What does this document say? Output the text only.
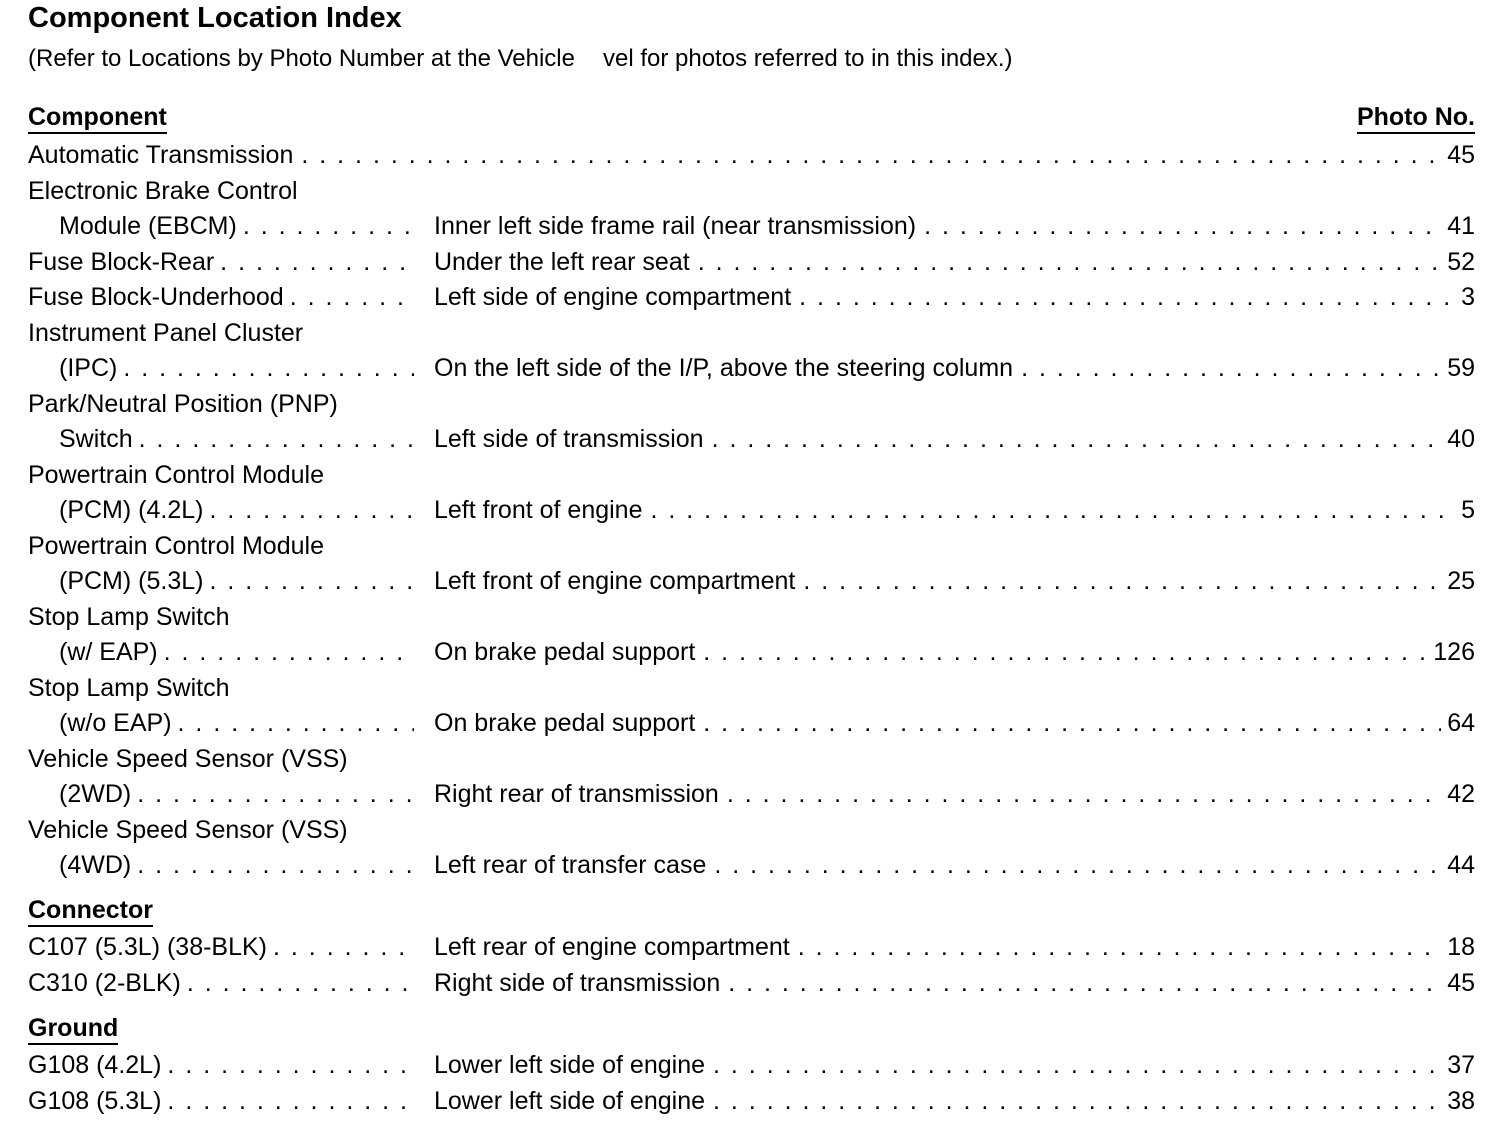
Component Location Index
(Refer to Locations by Photo Number at the Vehicle vel for photos referred to in this index.)
Component	Photo No.
Automatic Transmission . . .	45
Electronic Brake Control
Module (EBCM) . . .	Inner left side frame rail (near transmission) . . .	41
Fuse Block-Rear . . .	Under the left rear seat . . .	52
Fuse Block-Underhood . . .	Left side of engine compartment . . .	3
Instrument Panel Cluster
(IPC) . . .	On the left side of the I/P, above the steering column . . .	59
Park/Neutral Position (PNP)
Switch . . .	Left side of transmission . . .	40
Powertrain Control Module
(PCM) (4.2L) . . .	Left front of engine . . .	5
Powertrain Control Module
(PCM) (5.3L) . . .	Left front of engine compartment . . .	25
Stop Lamp Switch
(w/ EAP) . . .	On brake pedal support . . .	126
Stop Lamp Switch
(w/o EAP) . . .	On brake pedal support . . .	64
Vehicle Speed Sensor (VSS)
(2WD) . . .	Right rear of transmission . . .	42
Vehicle Speed Sensor (VSS)
(4WD) . . .	Left rear of transfer case . . .	44
Connector
C107 (5.3L) (38-BLK) . . .	Left rear of engine compartment . . .	18
C310 (2-BLK) . . .	Right side of transmission . . .	45
Ground
G108 (4.2L) . . .	Lower left side of engine . . .	37
G108 (5.3L) . . .	Lower left side of engine . . .	38
